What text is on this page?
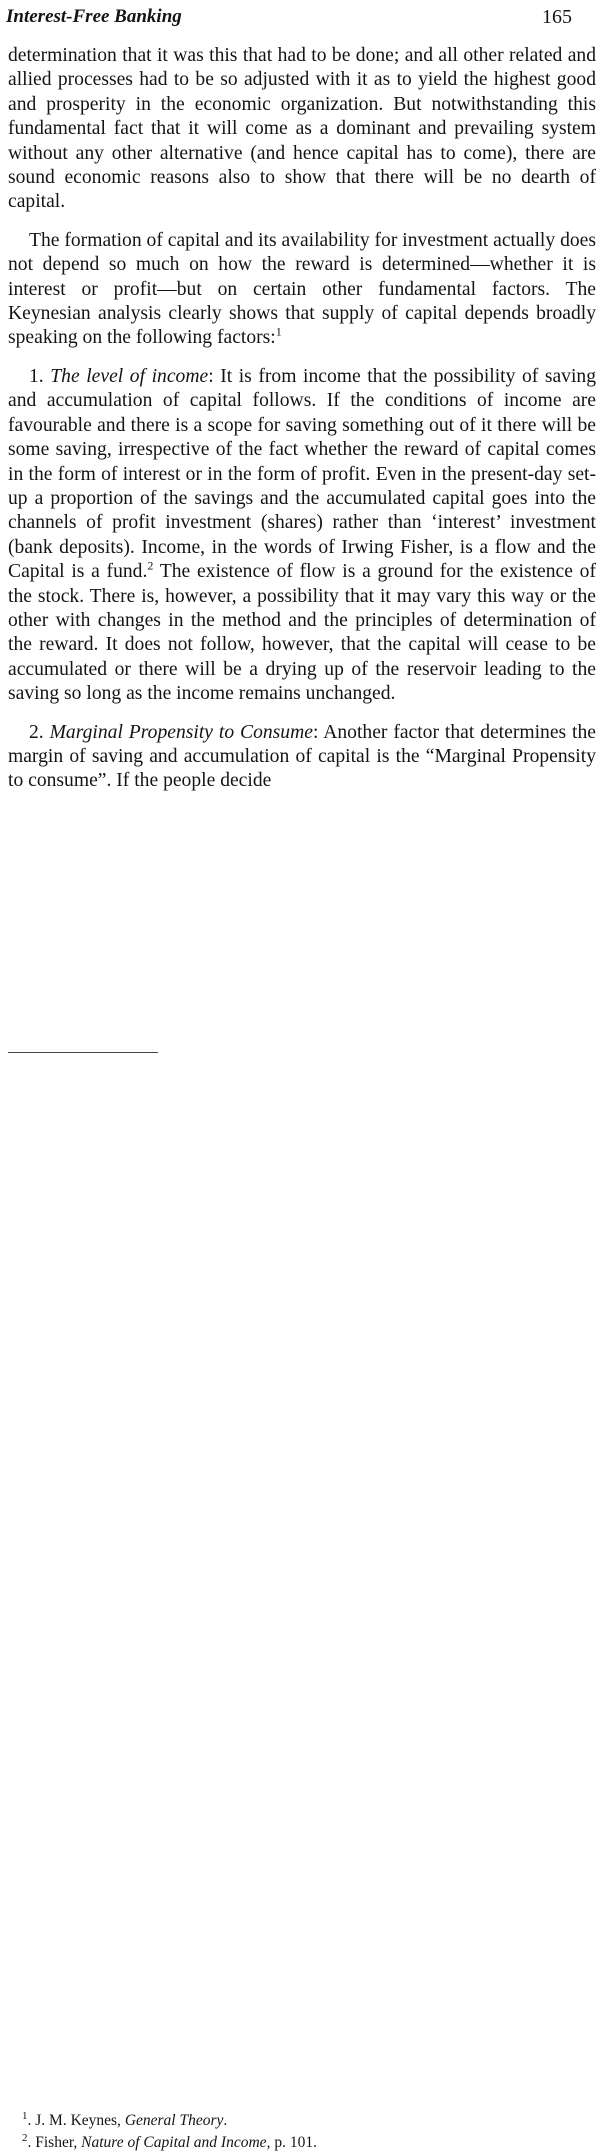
Interest-Free Banking	165

determination that it was this that had to be done; and all other related and allied processes had to be so adjusted with it as to yield the highest good and prosperity in the economic organization. But notwithstanding this fundamental fact that it will come as a dominant and prevailing system without any other alternative (and hence capital has to come), there are sound economic reasons also to show that there will be no dearth of capital.

The formation of capital and its availability for investment actually does not depend so much on how the reward is determined—whether it is interest or profit—but on certain other fundamental factors. The Keynesian analysis clearly shows that supply of capital depends broadly speaking on the following factors:$^1$

1. The level of income: It is from income that the possibility of saving and accumulation of capital follows. If the conditions of income are favourable and there is a scope for saving something out of it there will be some saving, irrespective of the fact whether the reward of capital comes in the form of interest or in the form of profit. Even in the present-day set-up a proportion of the savings and the accumulated capital goes into the channels of profit investment (shares) rather than ‘interest’ investment (bank deposits). Income, in the words of Irwing Fisher, is a flow and the Capital is a fund.$^2$ The existence of flow is a ground for the existence of the stock. There is, however, a possibility that it may vary this way or the other with changes in the method and the principles of determination of the reward. It does not follow, however, that the capital will cease to be accumulated or there will be a drying up of the reservoir leading to the saving so long as the income remains unchanged.

2. Marginal Propensity to Consume: Another factor that determines the margin of saving and accumulation of capital is the “Marginal Propensity to consume”. If the people decide

$^1$. J. M. Keynes, General Theory.
$^2$. Fisher, Nature of Capital and Income, p. 101.
